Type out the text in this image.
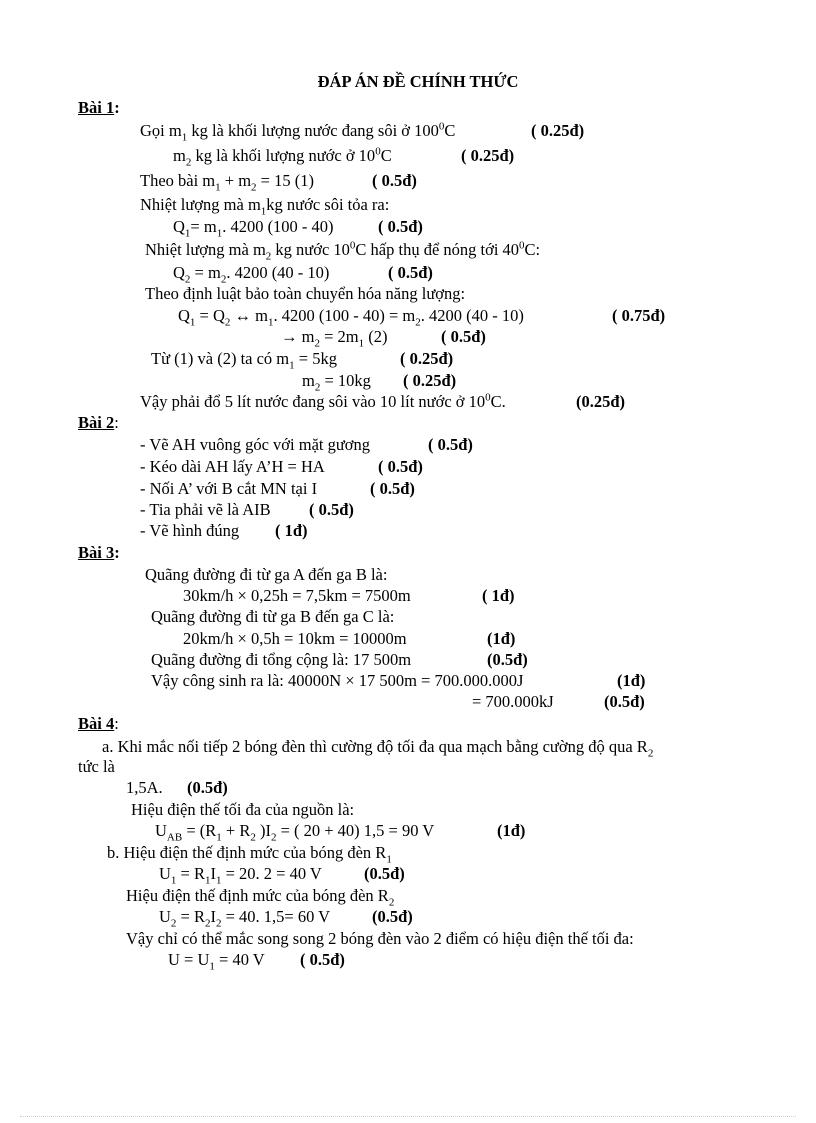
ĐÁP ÁN ĐỀ CHÍNH THỨC
Bài 1:
Gọi $m_1$ kg là khối lượng nước đang sôi ở $100^0C$	( 0.25đ)
$m_2$ kg là khối lượng nước ở $10^0C$	( 0.25đ)
Theo bài $m_1 + m_2 = 15$ (1)	( 0.5đ)
Nhiệt lượng mà $m_1kg$ nước sôi tỏa ra:
$Q_1= m_1$. 4200 (100 - 40)	( 0.5đ)
Nhiệt lượng mà $m_2$ kg nước $10^0C$ hấp thụ để nóng tới $40^0C$:
$Q_2 = m_2$. 4200 (40 - 10)	( 0.5đ)
Theo định luật bảo toàn chuyển hóa năng lượng:
$Q_1 = Q_2$ ↔ $m_1$. 4200 $(100 - 40) = m_2$. 4200 (40 - 10)	( 0.75đ)
→ $m_2 = 2m_1$ (2)	( 0.5đ)
Từ (1) và (2) ta có $m_1 = 5kg$	( 0.25đ)
$m_2 = 10kg$ ( 0.25đ)
Vậy phải đổ 5 lít nước đang sôi vào 10 lít nước ở $10^0C$.	(0.25đ)
Bài 2:
- Vẽ AH vuông góc với mặt gương	( 0.5đ)
- Kéo dài AH lấy A’H = HA	( 0.5đ)
- Nối A’ với B cắt MN tại I	( 0.5đ)
- Tia phải vẽ là AIB ( 0.5đ)
- Vẽ hình đúng ( 1đ)
Bài 3:
Quãng đường đi từ ga A đến ga B là:
30km/h × 0,25h = 7,5km = 7500m	( 1đ)
Quãng đường đi từ ga B đến ga C là:
20km/h × 0,5h = 10km = 10000m	(1đ)
Quãng đường đi tổng cộng là: 17 500m	(0.5đ)
Vậy công sinh ra là: 40000N × 17 500m = 700.000.000J	(1đ)
= 700.000kJ	(0.5đ)
Bài 4:
a. Khi mắc nối tiếp 2 bóng đèn thì cường độ tối đa qua mạch bằng cường độ qua $R_2$
tức là
1,5A. (0.5đ)
Hiệu điện thế tối đa của nguồn là:
$U_{AB} = (R_1 + R_2$ )$I_2$ = ( 20 + 40) 1,5 = 90 V	(1đ)
b. Hiệu điện thế định mức của bóng đèn $R_1$
$U_1 = R_1I_1 = 20$. 2 = 40 V	(0.5đ)
Hiệu điện thế định mức của bóng đèn $R_2$
$U_2 = R_2I_2 = 40$. 1,5= 60 V	(0.5đ)
Vậy chỉ có thể mắc song song 2 bóng đèn vào 2 điểm có hiệu điện thế tối đa:
$U = U_1 = 40$ V ( 0.5đ)
